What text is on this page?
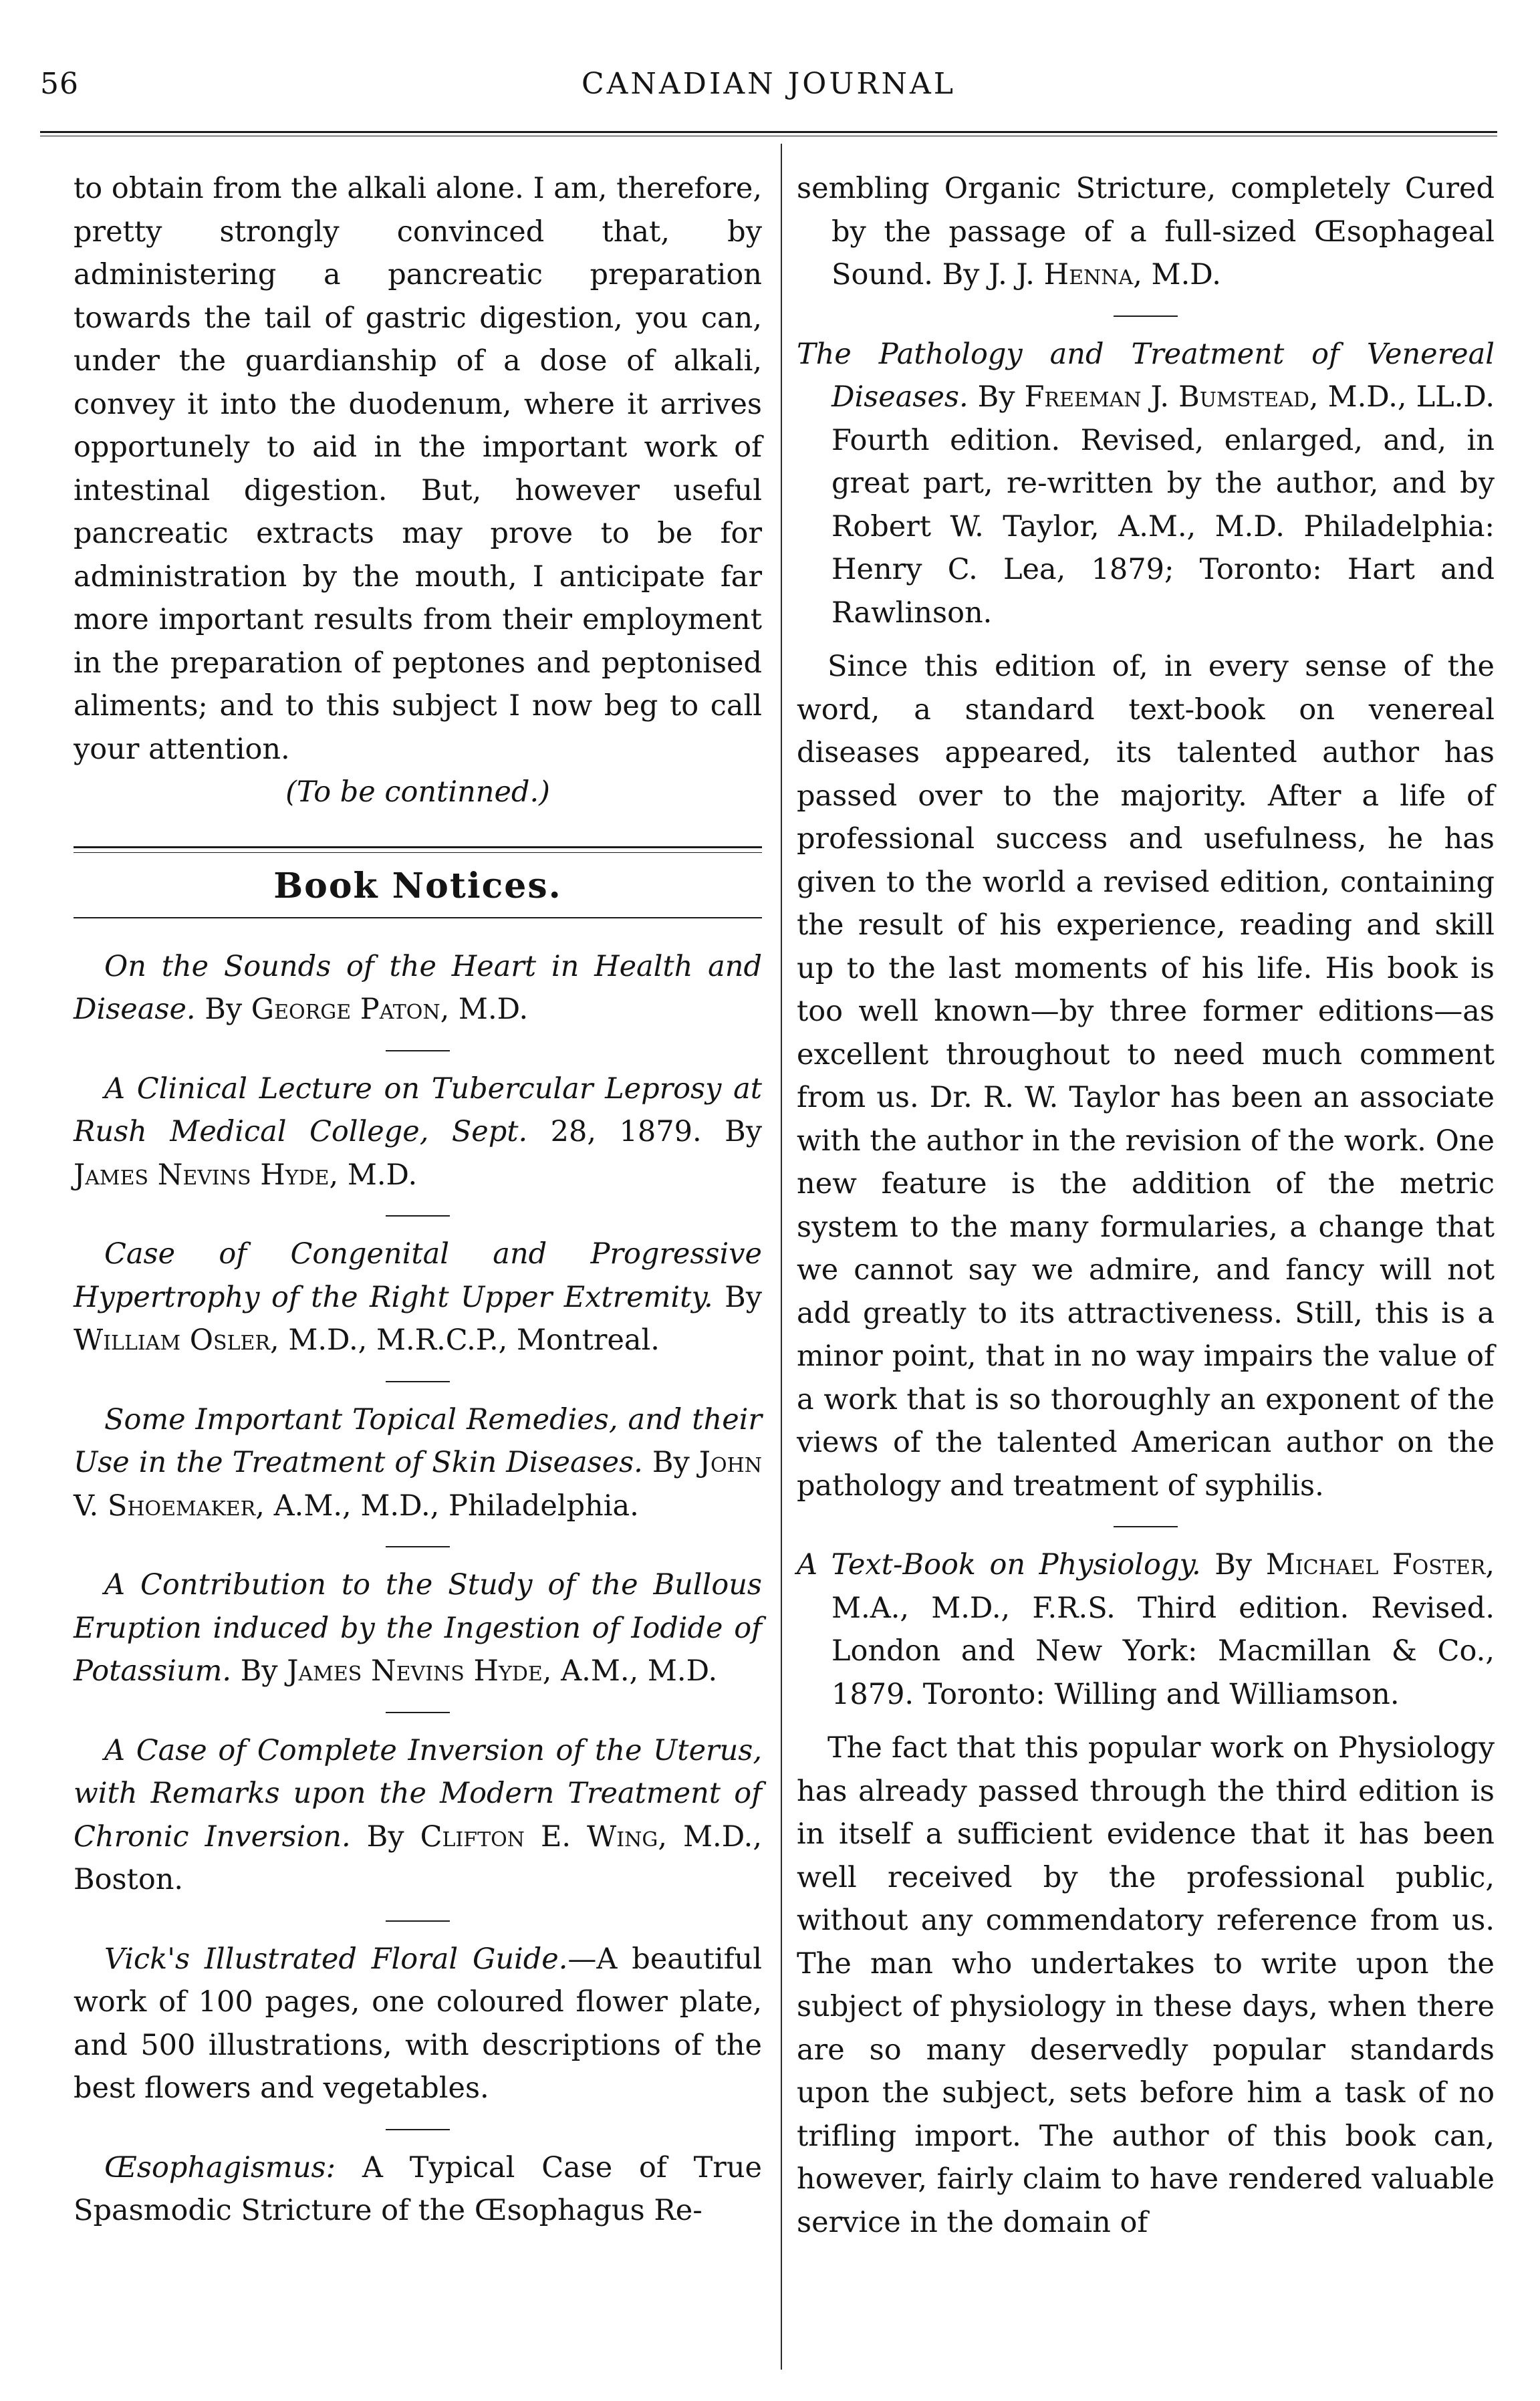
56	CANADIAN JOURNAL

to obtain from the alkali alone. I am, therefore, pretty strongly convinced that, by administering a pancreatic preparation towards the tail of gastric digestion, you can, under the guardianship of a dose of alkali, convey it into the duodenum, where it arrives opportunely to aid in the important work of intestinal digestion. But, however useful pancreatic extracts may prove to be for administration by the mouth, I anticipate far more important results from their employment in the preparation of peptones and peptonised aliments; and to this subject I now beg to call your attention.

(To be continned.)

Book Notices.

On the Sounds of the Heart in Health and Disease. By George Paton, M.D.

A Clinical Lecture on Tubercular Leprosy at Rush Medical College, Sept. 28, 1879. By James Nevins Hyde, M.D.

Case of Congenital and Progressive Hypertrophy of the Right Upper Extremity. By William Osler, M.D., M.R.C.P., Montreal.

Some Important Topical Remedies, and their Use in the Treatment of Skin Diseases. By John V. Shoemaker, A.M., M.D., Philadelphia.

A Contribution to the Study of the Bullous Eruption induced by the Ingestion of Iodide of Potassium. By James Nevins Hyde, A.M., M.D.

A Case of Complete Inversion of the Uterus, with Remarks upon the Modern Treatment of Chronic Inversion. By Clifton E. Wing, M.D., Boston.

Vick's Illustrated Floral Guide.—A beautiful work of 100 pages, one coloured flower plate, and 500 illustrations, with descriptions of the best flowers and vegetables.

Œsophagismus: A Typical Case of True Spasmodic Stricture of the Œsophagus Re-

sembling Organic Stricture, completely Cured by the passage of a full-sized Œsophageal Sound. By J. J. Henna, M.D.

The Pathology and Treatment of Venereal Diseases. By Freeman J. Bumstead, M.D., LL.D. Fourth edition. Revised, enlarged, and, in great part, re-written by the author, and by Robert W. Taylor, A.M., M.D. Philadelphia: Henry C. Lea, 1879; Toronto: Hart and Rawlinson.

Since this edition of, in every sense of the word, a standard text-book on venereal diseases appeared, its talented author has passed over to the majority. After a life of professional success and usefulness, he has given to the world a revised edition, containing the result of his experience, reading and skill up to the last moments of his life. His book is too well known—by three former editions—as excellent throughout to need much comment from us. Dr. R. W. Taylor has been an associate with the author in the revision of the work. One new feature is the addition of the metric system to the many formularies, a change that we cannot say we admire, and fancy will not add greatly to its attractiveness. Still, this is a minor point, that in no way impairs the value of a work that is so thoroughly an exponent of the views of the talented American author on the pathology and treatment of syphilis.

A Text-Book on Physiology. By Michael Foster, M.A., M.D., F.R.S. Third edition. Revised. London and New York: Macmillan & Co., 1879. Toronto: Willing and Williamson.

The fact that this popular work on Physiology has already passed through the third edition is in itself a sufficient evidence that it has been well received by the professional public, without any commendatory reference from us. The man who undertakes to write upon the subject of physiology in these days, when there are so many deservedly popular standards upon the subject, sets before him a task of no trifling import. The author of this book can, however, fairly claim to have rendered valuable service in the domain of
